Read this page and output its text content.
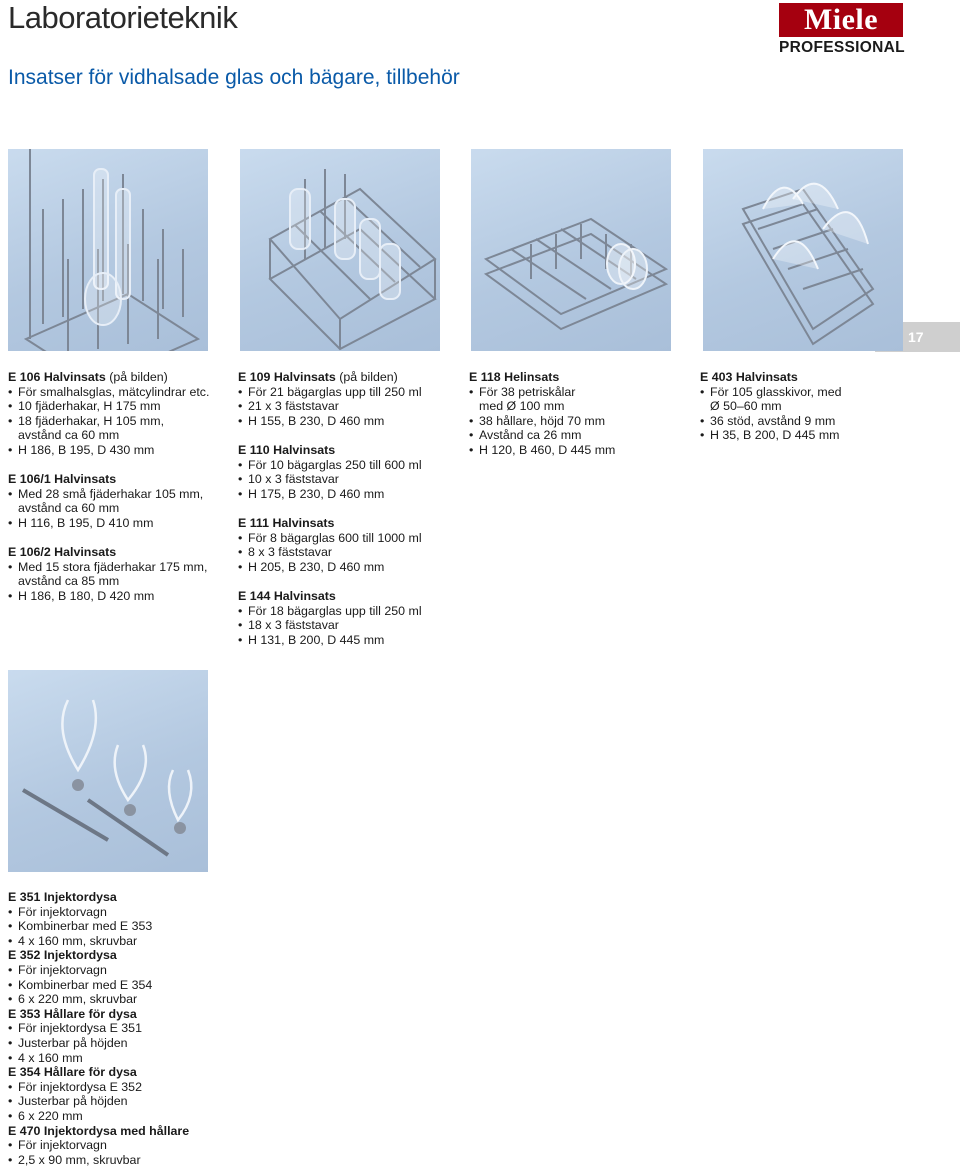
Laboratorieteknik
Insatser för vidhalsade glas och bägare, tillbehör
Miele
PROFESSIONAL
17
E 106 Halvinsats (på bilden)
• För smalhalsglas, mätcylindrar etc.
• 10 fjäderhakar, H 175 mm
• 18 fjäderhakar, H 105 mm,
avstånd ca 60 mm
• H 186, B 195, D 430 mm
E 106/1 Halvinsats
• Med 28 små fjäderhakar 105 mm,
avstånd ca 60 mm
• H 116, B 195, D 410 mm
E 106/2 Halvinsats
• Med 15 stora fjäderhakar 175 mm,
avstånd ca 85 mm
• H 186, B 180, D 420 mm
E 109 Halvinsats (på bilden)
• För 21 bägarglas upp till 250 ml
• 21 x 3 fäststavar
• H 155, B 230, D 460 mm
E 110 Halvinsats
• För 10 bägarglas 250 till 600 ml
• 10 x 3 fäststavar
• H 175, B 230, D 460 mm
E 111 Halvinsats
• För 8 bägarglas 600 till 1000 ml
• 8 x 3 fäststavar
• H 205, B 230, D 460 mm
E 144 Halvinsats
• För 18 bägarglas upp till 250 ml
• 18 x 3 fäststavar
• H 131, B 200, D 445 mm
E 118 Helinsats
• För 38 petriskålar
med Ø 100 mm
• 38 hållare, höjd 70 mm
• Avstånd ca 26 mm
• H 120, B 460, D 445 mm
E 403 Halvinsats
• För 105 glasskivor, med
Ø 50–60 mm
• 36 stöd, avstånd 9 mm
• H 35, B 200, D 445 mm
E 351 Injektordysa
• För injektorvagn
• Kombinerbar med E 353
• 4 x 160 mm, skruvbar
E 352 Injektordysa
• För injektorvagn
• Kombinerbar med E 354
• 6 x 220 mm, skruvbar
E 353 Hållare för dysa
• För injektordysa E 351
• Justerbar på höjden
• 4 x 160 mm
E 354 Hållare för dysa
• För injektordysa E 352
• Justerbar på höjden
• 6 x 220 mm
E 470 Injektordysa med hållare
• För injektorvagn
• 2,5 x 90 mm, skruvbar
